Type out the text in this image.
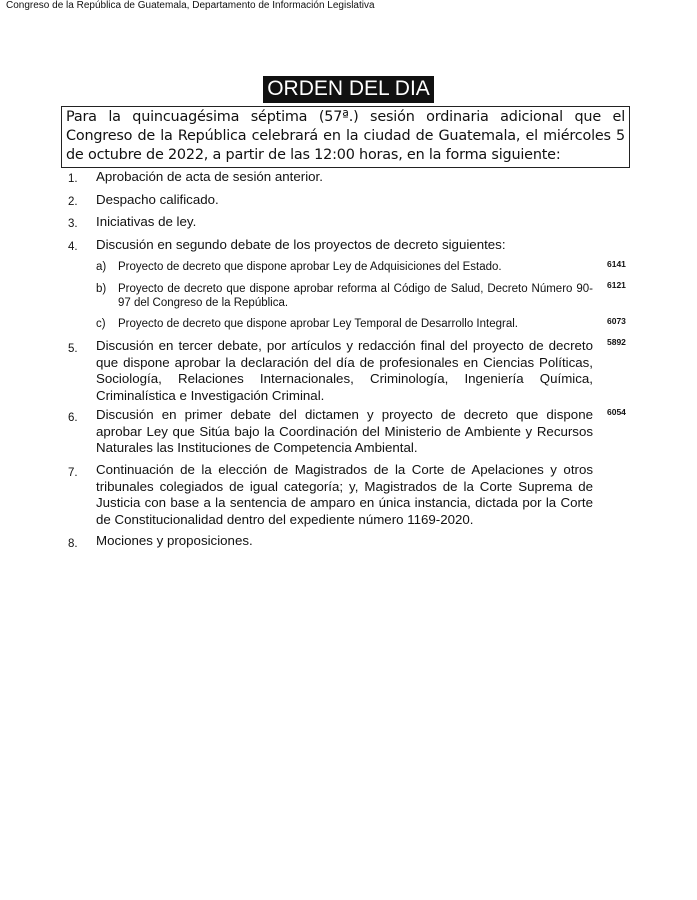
Congreso de la República de Guatemala, Departamento de Información Legislativa
ORDEN DEL DIA
Para la quincuagésima séptima (57ª.) sesión ordinaria adicional que el Congreso de la República celebrará en la ciudad de Guatemala, el miércoles 5 de octubre de 2022, a partir de las 12:00 horas, en la forma siguiente:
1. Aprobación de acta de sesión anterior.
2. Despacho calificado.
3. Iniciativas de ley.
4. Discusión en segundo debate de los proyectos de decreto siguientes:
a) Proyecto de decreto que dispone aprobar Ley de Adquisiciones del Estado.	6141
b) Proyecto de decreto que dispone aprobar reforma al Código de Salud, Decreto Número 90-97 del Congreso de la República.
6121
c) Proyecto de decreto que dispone aprobar Ley Temporal de Desarrollo Integral.	6073
5. Discusión en tercer debate, por artículos y redacción final del proyecto de decreto que dispone aprobar la declaración del día de profesionales en Ciencias Políticas, Sociología, Relaciones Internacionales, Criminología, Ingeniería Química, Criminalística e Investigación Criminal.
5892
6. Discusión en primer debate del dictamen y proyecto de decreto que dispone aprobar Ley que Sitúa bajo la Coordinación del Ministerio de Ambiente y Recursos Naturales las Instituciones de Competencia Ambiental.
6054
7. Continuación de la elección de Magistrados de la Corte de Apelaciones y otros tribunales colegiados de igual categoría; y, Magistrados de la Corte Suprema de Justicia con base a la sentencia de amparo en única instancia, dictada por la Corte de Constitucionalidad dentro del expediente número 1169-2020.
8. Mociones y proposiciones.
